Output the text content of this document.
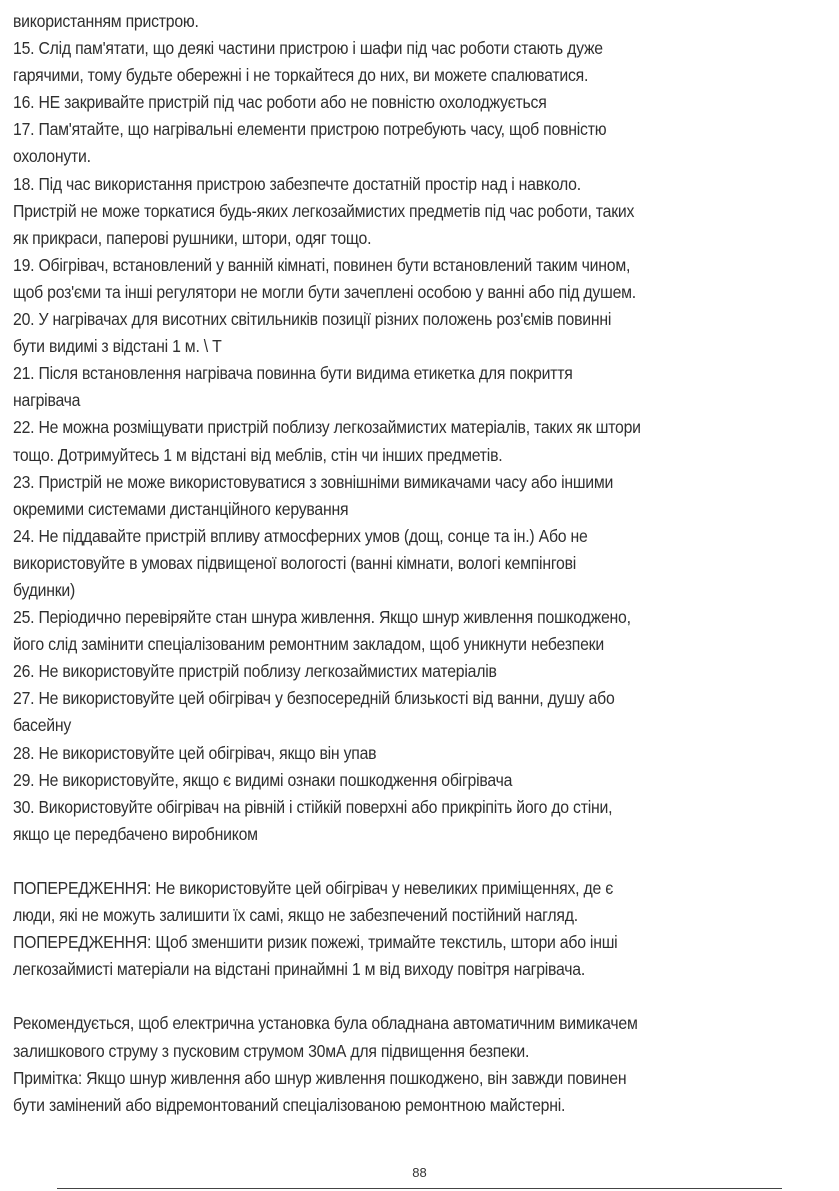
використанням пристрою.
15. Слід пам'ятати, що деякі частини пристрою і шафи під час роботи стають дуже
гарячими, тому будьте обережні і не торкайтеся до них, ви можете спалюватися.
16. НЕ закривайте пристрій під час роботи або не повністю охолоджується
17. Пам'ятайте, що нагрівальні елементи пристрою потребують часу, щоб повністю
охолонути.
18. Під час використання пристрою забезпечте достатній простір над і навколо.
Пристрій не може торкатися будь-яких легкозаймистих предметів під час роботи, таких
як прикраси, паперові рушники, штори, одяг тощо.
19. Обігрівач, встановлений у ванній кімнаті, повинен бути встановлений таким чином,
щоб роз'єми та інші регулятори не могли бути зачеплені особою у ванні або під душем.
20. У нагрівачах для висотних світильників позиції різних положень роз'ємів повинні
бути видимі з відстані 1 м. \ T
21. Після встановлення нагрівача повинна бути видима етикетка для покриття
нагрівача
22. Не можна розміщувати пристрій поблизу легкозаймистих матеріалів, таких як штори
тощо. Дотримуйтесь 1 м відстані від меблів, стін чи інших предметів.
23. Пристрій не може використовуватися з зовнішніми вимикачами часу або іншими
окремими системами дистанційного керування
24. Не піддавайте пристрій впливу атмосферних умов (дощ, сонце та ін.) Або не
використовуйте в умовах підвищеної вологості (ванні кімнати, вологі кемпінгові
будинки)
25. Періодично перевіряйте стан шнура живлення. Якщо шнур живлення пошкоджено,
його слід замінити спеціалізованим ремонтним закладом, щоб уникнути небезпеки
26. Не використовуйте пристрій поблизу легкозаймистих матеріалів
27. Не використовуйте цей обігрівач у безпосередній близькості від ванни, душу або
басейну
28. Не використовуйте цей обігрівач, якщо він упав
29. Не використовуйте, якщо є видимі ознаки пошкодження обігрівача
30. Використовуйте обігрівач на рівній і стійкій поверхні або прикріпіть його до стіни,
якщо це передбачено виробником
ПОПЕРЕДЖЕННЯ: Не використовуйте цей обігрівач у невеликих приміщеннях, де є
люди, які не можуть залишити їх самі, якщо не забезпечений постійний нагляд.
ПОПЕРЕДЖЕННЯ: Щоб зменшити ризик пожежі, тримайте текстиль, штори або інші
легкозаймисті матеріали на відстані принаймні 1 м від виходу повітря нагрівача.
Рекомендується, щоб електрична установка була обладнана автоматичним вимикачем
залишкового струму з пусковим струмом 30мА для підвищення безпеки.
Примітка: Якщо шнур живлення або шнур живлення пошкоджено, він завжди повинен
бути замінений або відремонтований спеціалізованою ремонтною майстерні.
88
